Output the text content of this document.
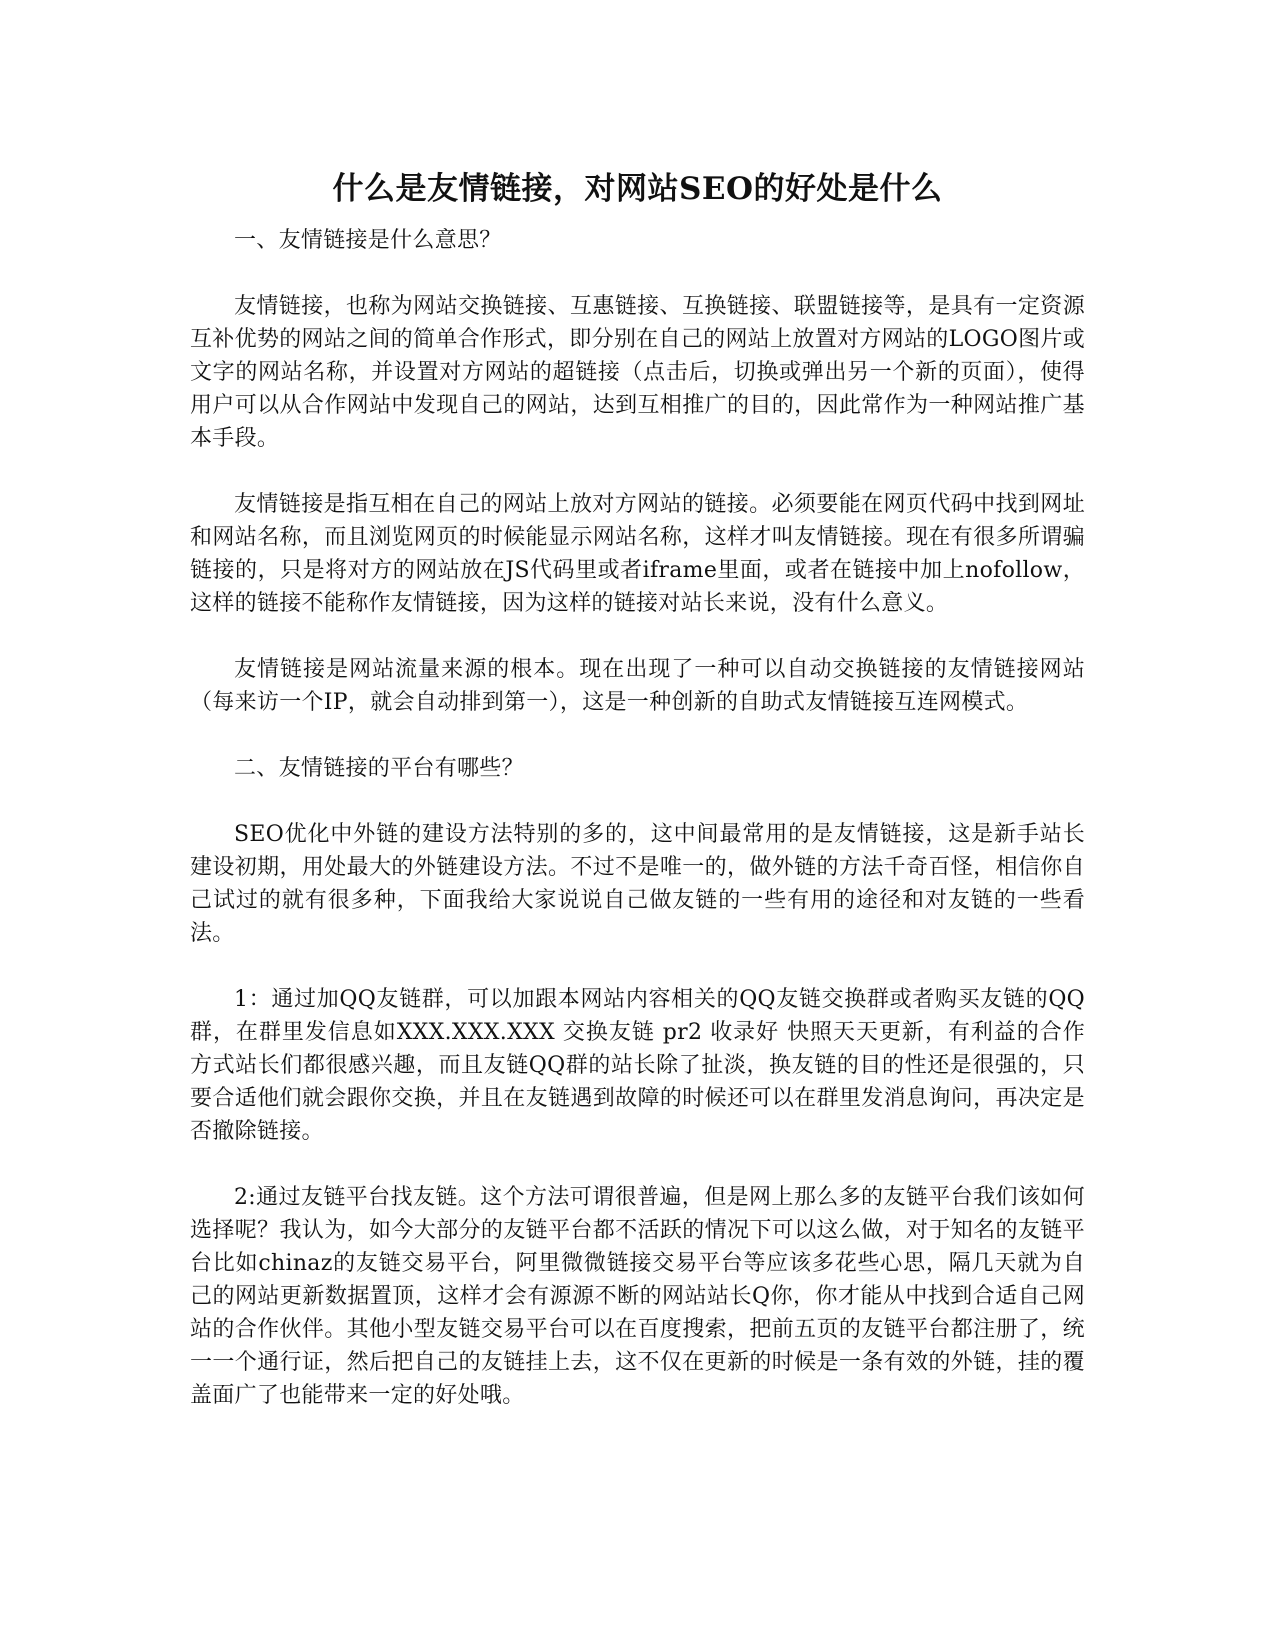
什么是友情链接，对网站SEO的好处是什么

一、友情链接是什么意思？

友情链接，也称为网站交换链接、互惠链接、互换链接、联盟链接等，是具有一定资源互补优势的网站之间的简单合作形式，即分别在自己的网站上放置对方网站的LOGO图片或文字的网站名称，并设置对方网站的超链接（点击后，切换或弹出另一个新的页面），使得用户可以从合作网站中发现自己的网站，达到互相推广的目的，因此常作为一种网站推广基本手段。

友情链接是指互相在自己的网站上放对方网站的链接。必须要能在网页代码中找到网址和网站名称，而且浏览网页的时候能显示网站名称，这样才叫友情链接。现在有很多所谓骗链接的，只是将对方的网站放在JS代码里或者iframe里面，或者在链接中加上nofollow，这样的链接不能称作友情链接，因为这样的链接对站长来说，没有什么意义。

友情链接是网站流量来源的根本。现在出现了一种可以自动交换链接的友情链接网站（每来访一个IP，就会自动排到第一），这是一种创新的自助式友情链接互连网模式。

二、友情链接的平台有哪些？

SEO优化中外链的建设方法特别的多的，这中间最常用的是友情链接，这是新手站长建设初期，用处最大的外链建设方法。不过不是唯一的，做外链的方法千奇百怪，相信你自己试过的就有很多种，下面我给大家说说自己做友链的一些有用的途径和对友链的一些看法。

1：通过加QQ友链群，可以加跟本网站内容相关的QQ友链交换群或者购买友链的QQ群，在群里发信息如XXX.XXX.XXX 交换友链 pr2 收录好 快照天天更新，有利益的合作方式站长们都很感兴趣，而且友链QQ群的站长除了扯淡，换友链的目的性还是很强的，只要合适他们就会跟你交换，并且在友链遇到故障的时候还可以在群里发消息询问，再决定是否撤除链接。

2:通过友链平台找友链。这个方法可谓很普遍，但是网上那么多的友链平台我们该如何选择呢？我认为，如今大部分的友链平台都不活跃的情况下可以这么做，对于知名的友链平台比如chinaz的友链交易平台，阿里微微链接交易平台等应该多花些心思，隔几天就为自己的网站更新数据置顶，这样才会有源源不断的网站站长Q你，你才能从中找到合适自己网站的合作伙伴。其他小型友链交易平台可以在百度搜索，把前五页的友链平台都注册了，统一一个通行证，然后把自己的友链挂上去，这不仅在更新的时候是一条有效的外链，挂的覆盖面广了也能带来一定的好处哦。
